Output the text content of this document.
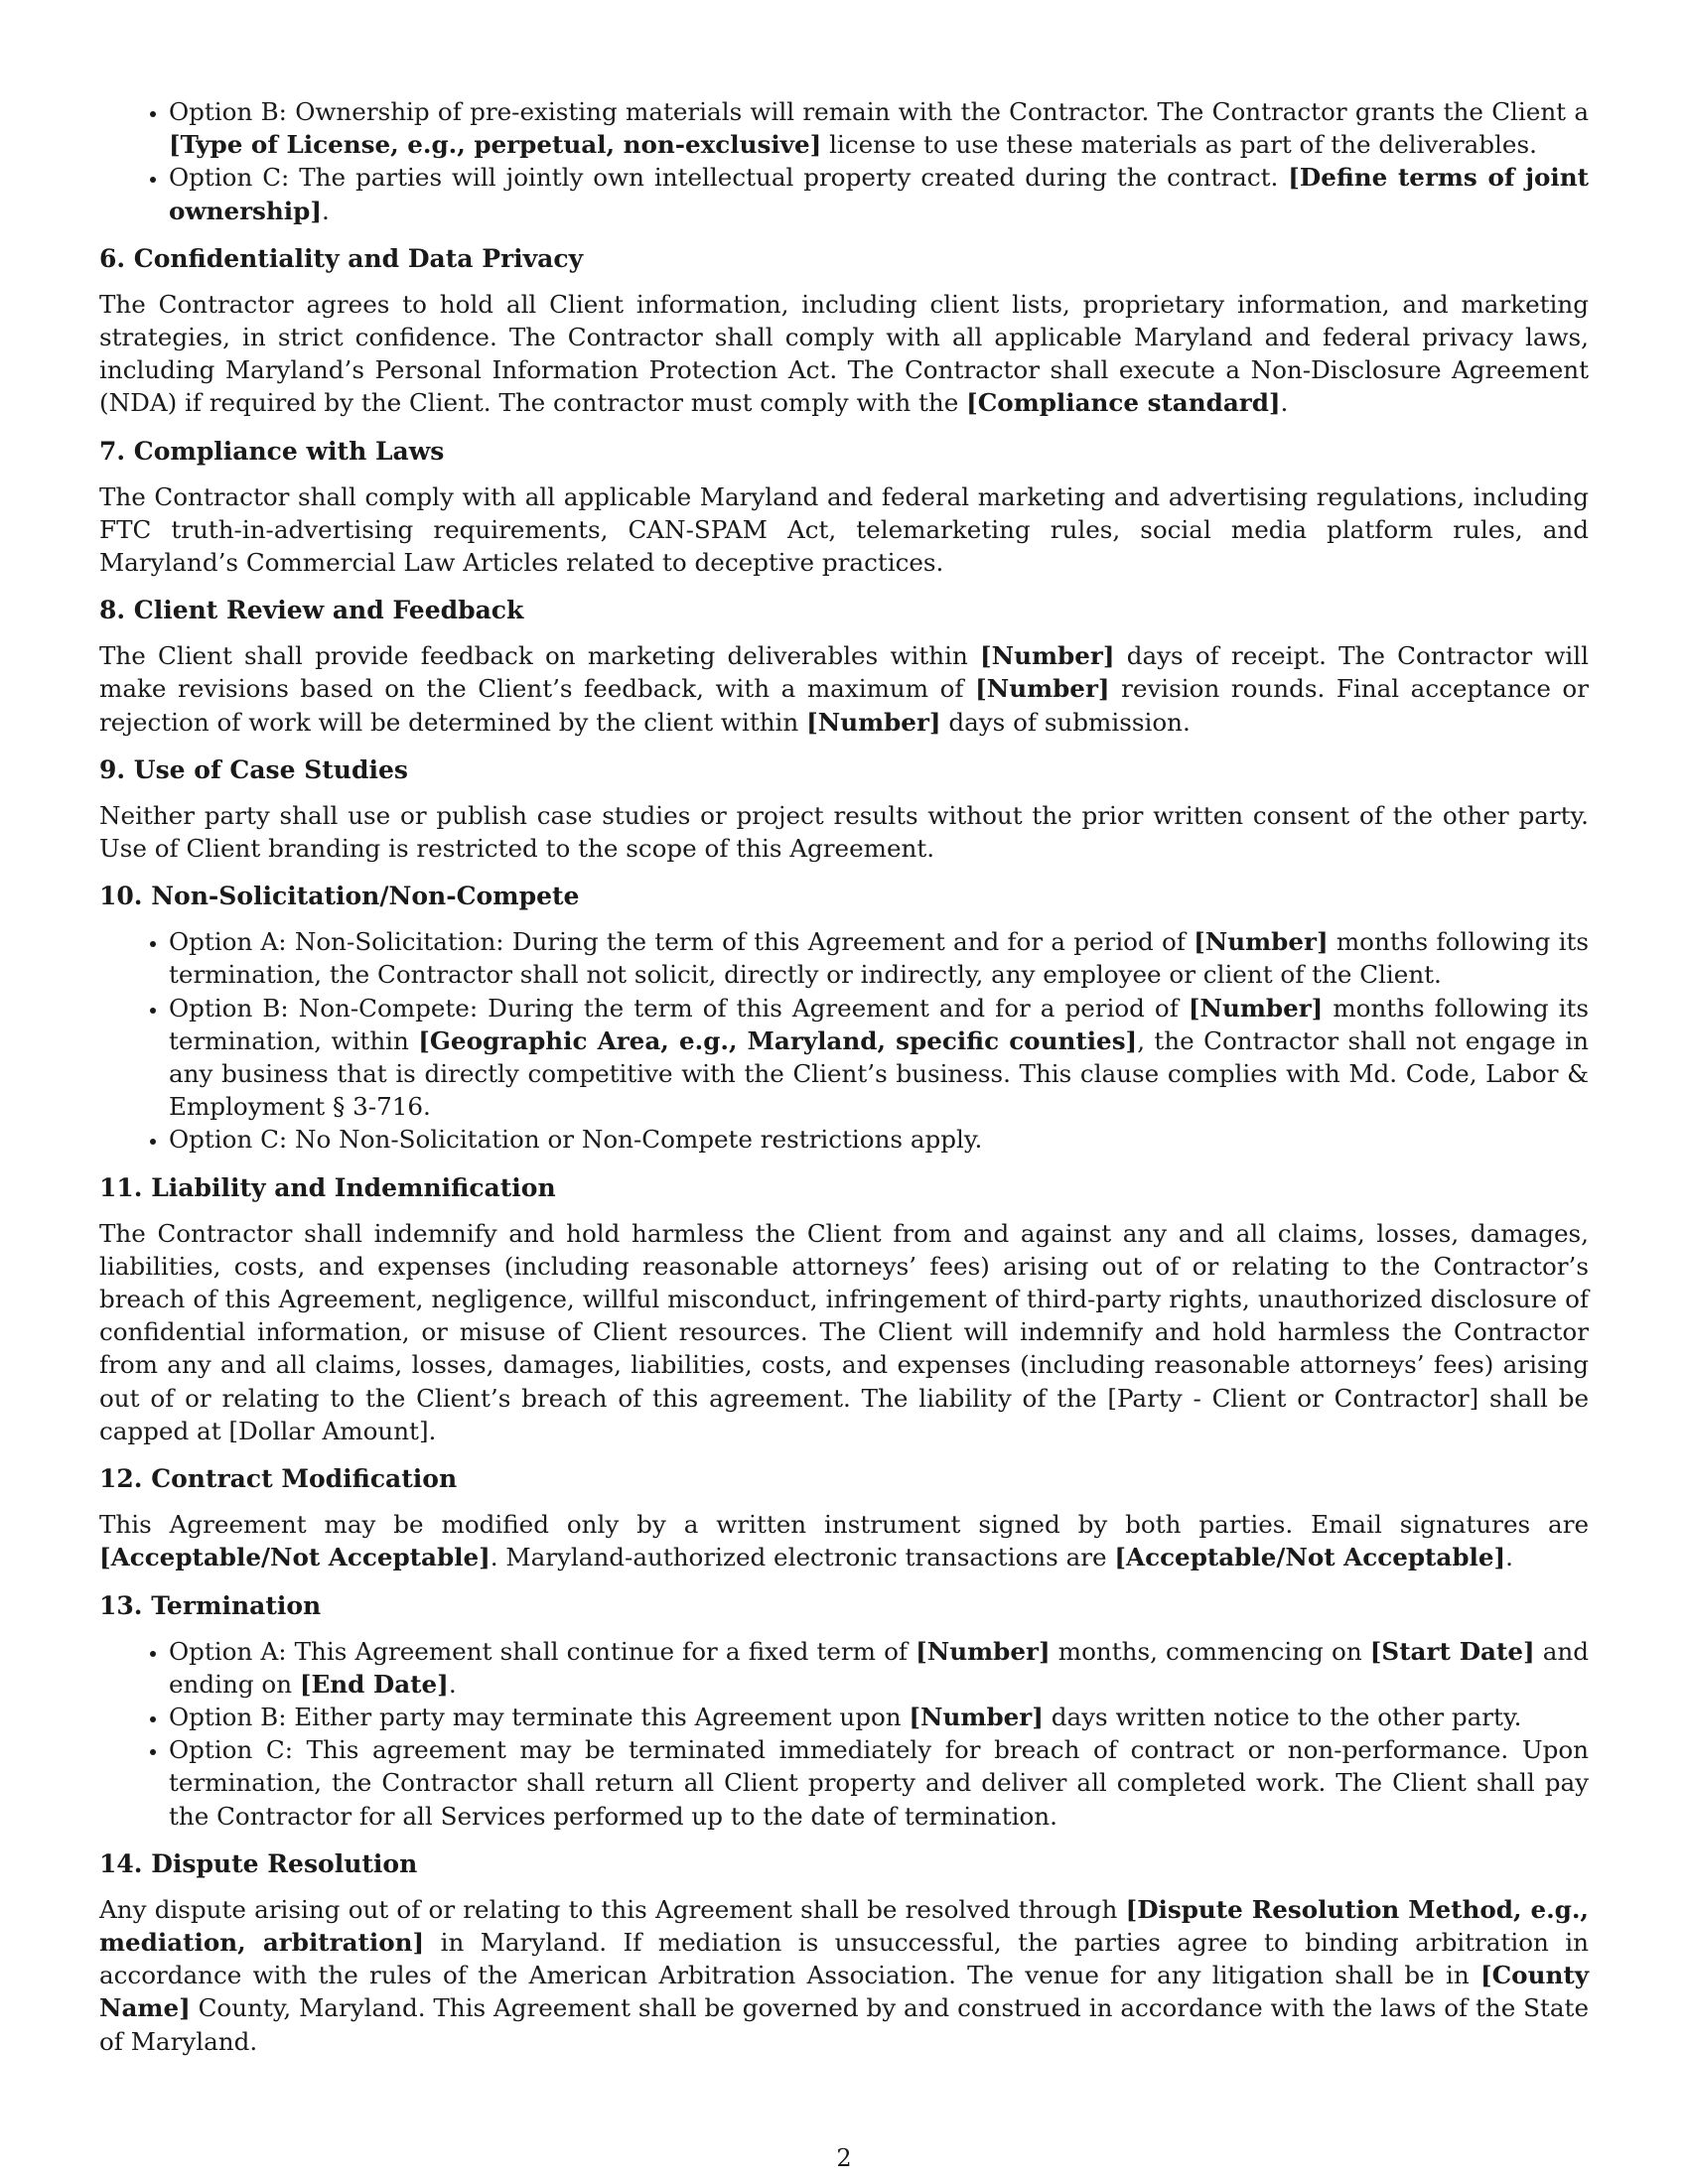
• Option B: Ownership of pre-existing materials will remain with the Contractor. The Contractor grants the Client a [Type of License, e.g., perpetual, non-exclusive] license to use these materials as part of the deliverables.
• Option C: The parties will jointly own intellectual property created during the contract. [Define terms of joint ownership].
6. Confidentiality and Data Privacy

The Contractor agrees to hold all Client information, including client lists, proprietary information, and marketing strategies, in strict confidence. The Contractor shall comply with all applicable Maryland and federal privacy laws, including Maryland’s Personal Information Protection Act. The Contractor shall execute a Non-Disclosure Agreement (NDA) if required by the Client. The contractor must comply with the [Compliance standard].

7. Compliance with Laws

The Contractor shall comply with all applicable Maryland and federal marketing and advertising regulations, including FTC truth-in-advertising requirements, CAN-SPAM Act, telemarketing rules, social media platform rules, and Maryland’s Commercial Law Articles related to deceptive practices.

8. Client Review and Feedback

The Client shall provide feedback on marketing deliverables within [Number] days of receipt. The Contractor will make revisions based on the Client’s feedback, with a maximum of [Number] revision rounds. Final acceptance or rejection of work will be determined by the client within [Number] days of submission.

9. Use of Case Studies

Neither party shall use or publish case studies or project results without the prior written consent of the other party. Use of Client branding is restricted to the scope of this Agreement.

10. Non-Solicitation/Non-Compete
• Option A: Non-Solicitation: During the term of this Agreement and for a period of [Number] months following its termination, the Contractor shall not solicit, directly or indirectly, any employee or client of the Client.
• Option B: Non-Compete: During the term of this Agreement and for a period of [Number] months following its termination, within [Geographic Area, e.g., Maryland, specific counties], the Contractor shall not engage in any business that is directly competitive with the Client’s business. This clause complies with Md. Code, Labor & Employment § 3-716.
• Option C: No Non-Solicitation or Non-Compete restrictions apply.
11. Liability and Indemnification

The Contractor shall indemnify and hold harmless the Client from and against any and all claims, losses, damages, liabilities, costs, and expenses (including reasonable attorneys’ fees) arising out of or relating to the Contractor’s breach of this Agreement, negligence, willful misconduct, infringement of third-party rights, unauthorized disclosure of confidential information, or misuse of Client resources. The Client will indemnify and hold harmless the Contractor from any and all claims, losses, damages, liabilities, costs, and expenses (including reasonable attorneys’ fees) arising out of or relating to the Client’s breach of this agreement. The liability of the [Party - Client or Contractor] shall be capped at [Dollar Amount].

12. Contract Modification

This Agreement may be modified only by a written instrument signed by both parties. Email signatures are [Acceptable/Not Acceptable]. Maryland-authorized electronic transactions are [Acceptable/Not Acceptable].

13. Termination
• Option A: This Agreement shall continue for a fixed term of [Number] months, commencing on [Start Date] and ending on [End Date].
• Option B: Either party may terminate this Agreement upon [Number] days written notice to the other party.
• Option C: This agreement may be terminated immediately for breach of contract or non-performance. Upon termination, the Contractor shall return all Client property and deliver all completed work. The Client shall pay the Contractor for all Services performed up to the date of termination.
14. Dispute Resolution

Any dispute arising out of or relating to this Agreement shall be resolved through [Dispute Resolution Method, e.g., mediation, arbitration] in Maryland. If mediation is unsuccessful, the parties agree to binding arbitration in accordance with the rules of the American Arbitration Association. The venue for any litigation shall be in [County Name] County, Maryland. This Agreement shall be governed by and construed in accordance with the laws of the State of Maryland.

2
